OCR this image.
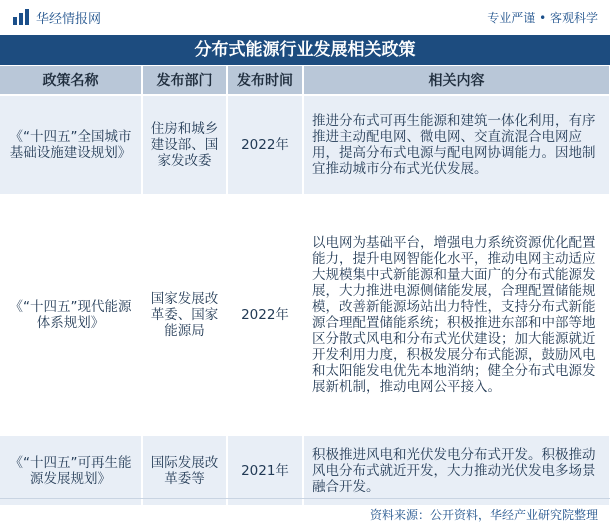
华经情报网	专业严谨 • 客观科学
分布式能源行业发展相关政策
政策名称	发布部门	发布时间	相关内容
《“十四五”全国城市基础设施建设规划》	住房和城乡建设部、国家发改委	2022年	推进分布式可再生能源和建筑一体化利用，有序推进主动配电网、微电网、交直流混合电网应用，提高分布式电源与配电网协调能力。因地制宜推动城市分布式光伏发展。
《“十四五”现代能源体系规划》	国家发展改革委、国家能源局	2022年	以电网为基础平台，增强电力系统资源优化配置能力，提升电网智能化水平，推动电网主动适应大规模集中式新能源和量大面广的分布式能源发展，大力推进电源侧储能发展，合理配置储能规模，改善新能源场站出力特性，支持分布式新能源合理配置储能系统；积极推进东部和中部等地区分散式风电和分布式光伏建设；加大能源就近开发利用力度，积极发展分布式能源，鼓励风电和太阳能发电优先本地消纳；健全分布式电源发展新机制，推动电网公平接入。
《“十四五”可再生能源发展规划》	国际发展改革委等	2021年	积极推进风电和光伏发电分布式开发。积极推动风电分布式就近开发，大力推动光伏发电多场景融合开发。
资料来源：公开资料，华经产业研究院整理
